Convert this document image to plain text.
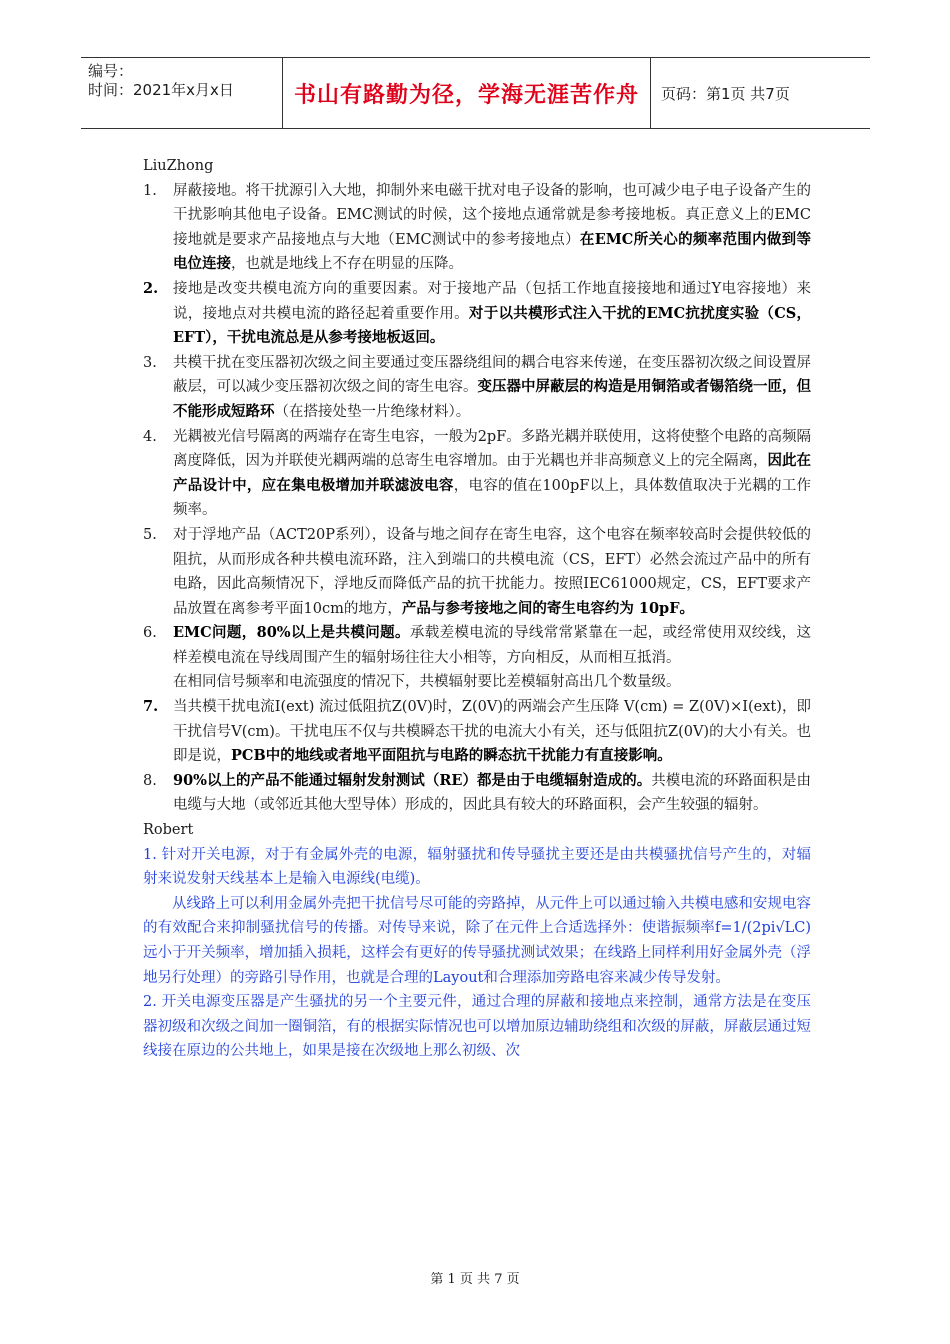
编号：
时间：2021年x月x日	书山有路勤为径，学海无涯苦作舟	页码：第1页 共7页

LiuZhong

1. 屏蔽接地。将干扰源引入大地，抑制外来电磁干扰对电子设备的影响，也可减少电子电子设备产生的干扰影响其他电子设备。EMC测试的时候，这个接地点通常就是参考接地板。真正意义上的EMC接地就是要求产品接地点与大地（EMC测试中的参考接地点）在EMC所关心的频率范围内做到等电位连接，也就是地线上不存在明显的压降。
2. 接地是改变共模电流方向的重要因素。对于接地产品（包括工作地直接接地和通过Y电容接地）来说，接地点对共模电流的路径起着重要作用。对于以共模形式注入干扰的EMC抗扰度实验（CS，EFT），干扰电流总是从参考接地板返回。
3. 共模干扰在变压器初次级之间主要通过变压器绕组间的耦合电容来传递，在变压器初次级之间设置屏蔽层，可以减少变压器初次级之间的寄生电容。变压器中屏蔽层的构造是用铜箔或者锡箔绕一匝，但不能形成短路环（在搭接处垫一片绝缘材料）。
4. 光耦被光信号隔离的两端存在寄生电容，一般为2pF。多路光耦并联使用，这将使整个电路的高频隔离度降低，因为并联使光耦两端的总寄生电容增加。由于光耦也并非高频意义上的完全隔离，因此在产品设计中，应在集电极增加并联滤波电容，电容的值在100pF以上，具体数值取决于光耦的工作频率。
5. 对于浮地产品（ACT20P系列），设备与地之间存在寄生电容，这个电容在频率较高时会提供较低的阻抗，从而形成各种共模电流环路，注入到端口的共模电流（CS，EFT）必然会流过产品中的所有电路，因此高频情况下，浮地反而降低产品的抗干扰能力。按照IEC61000规定，CS，EFT要求产品放置在离参考平面10cm的地方，产品与参考接地之间的寄生电容约为 10pF。
6. EMC问题，80%以上是共模问题。承载差模电流的导线常常紧靠在一起，或经常使用双绞线，这样差模电流在导线周围产生的辐射场往往大小相等，方向相反，从而相互抵消。

在相同信号频率和电流强度的情况下，共模辐射要比差模辐射高出几个数量级。

7. 当共模干扰电流I(ext) 流过低阻抗Z(0V)时，Z(0V)的两端会产生压降 V(cm) = Z(0V)×I(ext)，即干扰信号V(cm)。干扰电压不仅与共模瞬态干扰的电流大小有关，还与低阻抗Z(0V)的大小有关。也即是说，PCB中的地线或者地平面阻抗与电路的瞬态抗干扰能力有直接影响。
8. 90%以上的产品不能通过辐射发射测试（RE）都是由于电缆辐射造成的。共模电流的环路面积是由电缆与大地（或邻近其他大型导体）形成的，因此具有较大的环路面积，会产生较强的辐射。

Robert

1. 针对开关电源，对于有金属外壳的电源，辐射骚扰和传导骚扰主要还是由共模骚扰信号产生的，对辐射来说发射天线基本上是输入电源线(电缆)。

从线路上可以利用金属外壳把干扰信号尽可能的旁路掉，从元件上可以通过输入共模电感和安规电容的有效配合来抑制骚扰信号的传播。对传导来说，除了在元件上合适选择外：使谐振频率f=1/(2pi√LC) 远小于开关频率，增加插入损耗，这样会有更好的传导骚扰测试效果；在线路上同样利用好金属外壳（浮地另行处理）的旁路引导作用，也就是合理的Layout和合理添加旁路电容来减少传导发射。

2. 开关电源变压器是产生骚扰的另一个主要元件，通过合理的屏蔽和接地点来控制，通常方法是在变压器初级和次级之间加一圈铜箔，有的根据实际情况也可以增加原边辅助绕组和次级的屏蔽，屏蔽层通过短线接在原边的公共地上，如果是接在次级地上那么初级、次

第 1 页 共 7 页
